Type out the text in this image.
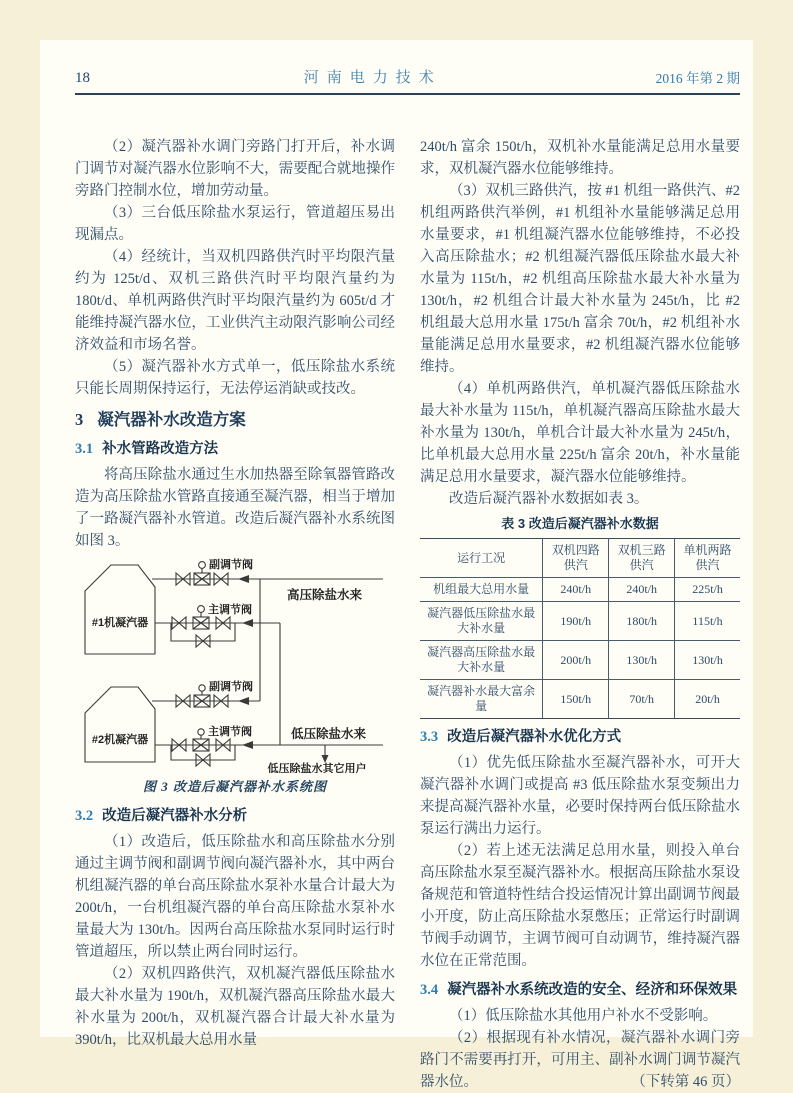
18	河南电力技术	2016 年第 2 期

（2）凝汽器补水调门旁路门打开后，补水调门调节对凝汽器水位影响不大，需要配合就地操作旁路门控制水位，增加劳动量。

（3）三台低压除盐水泵运行，管道超压易出现漏点。

（4）经统计，当双机四路供汽时平均限汽量约为 125t/d、双机三路供汽时平均限汽量约为 180t/d、单机两路供汽时平均限汽量约为 605t/d 才能维持凝汽器水位，工业供汽主动限汽影响公司经济效益和市场名誉。

（5）凝汽器补水方式单一，低压除盐水系统只能长周期保持运行，无法停运消缺或技改。

3 凝汽器补水改造方案
3.1 补水管路改造方法

将高压除盐水通过生水加热器至除氧器管路改造为高压除盐水管路直接通至凝汽器，相当于增加了一路凝汽器补水管道。改造后凝汽器补水系统图如图 3。

#1机凝汽器
副调节阀
主调节阀
高压除盐水来
#2机凝汽器
副调节阀
主调节阀	低压除盐水来
低压除盐水其它用户
图 3 改造后凝汽器补水系统图
3.2 改造后凝汽器补水分析

（1）改造后，低压除盐水和高压除盐水分别通过主调节阀和副调节阀向凝汽器补水，其中两台机组凝汽器的单台高压除盐水泵补水量合计最大为 200t/h，一台机组凝汽器的单台高压除盐水泵补水量最大为 130t/h。因两台高压除盐水泵同时运行时管道超压，所以禁止两台同时运行。

（2）双机四路供汽，双机凝汽器低压除盐水最大补水量为 190t/h，双机凝汽器高压除盐水最大补水量为 200t/h，双机凝汽器合计最大补水量为 390t/h，比双机最大总用水量

240t/h 富余 150t/h，双机补水量能满足总用水量要求，双机凝汽器水位能够维持。

（3）双机三路供汽，按 #1 机组一路供汽、#2 机组两路供汽举例，#1 机组补水量能够满足总用水量要求，#1 机组凝汽器水位能够维持，不必投入高压除盐水；#2 机组凝汽器低压除盐水最大补水量为 115t/h，#2 机组高压除盐水最大补水量为 130t/h，#2 机组合计最大补水量为 245t/h，比 #2 机组最大总用水量 175t/h 富余 70t/h，#2 机组补水量能满足总用水量要求，#2 机组凝汽器水位能够维持。

（4）单机两路供汽，单机凝汽器低压除盐水最大补水量为 115t/h，单机凝汽器高压除盐水最大补水量为 130t/h，单机合计最大补水量为 245t/h，比单机最大总用水量 225t/h 富余 20t/h，补水量能满足总用水量要求，凝汽器水位能够维持。

改造后凝汽器补水数据如表 3。

表 3 改造后凝汽器补水数据
运行工况	双机四路供汽	双机三路供汽	单机两路供汽
机组最大总用水量	240t/h	240t/h	225t/h
凝汽器低压除盐水最大补水量	190t/h	180t/h	115t/h
凝汽器高压除盐水最大补水量	200t/h	130t/h	130t/h
凝汽器补水最大富余量	150t/h	70t/h	20t/h
3.3 改造后凝汽器补水优化方式

（1）优先低压除盐水至凝汽器补水，可开大凝汽器补水调门或提高 #3 低压除盐水泵变频出力来提高凝汽器补水量，必要时保持两台低压除盐水泵运行满出力运行。

（2）若上述无法满足总用水量，则投入单台高压除盐水泵至凝汽器补水。根据高压除盐水泵设备规范和管道特性结合投运情况计算出副调节阀最小开度，防止高压除盐水泵憋压；正常运行时副调节阀手动调节，主调节阀可自动调节，维持凝汽器水位在正常范围。

3.4 凝汽器补水系统改造的安全、经济和环保效果

（1）低压除盐水其他用户补水不受影响。

（2）根据现有补水情况，凝汽器补水调门旁路门不需要再打开，可用主、副补水调门调节凝汽器水位。	（下转第 46 页）
